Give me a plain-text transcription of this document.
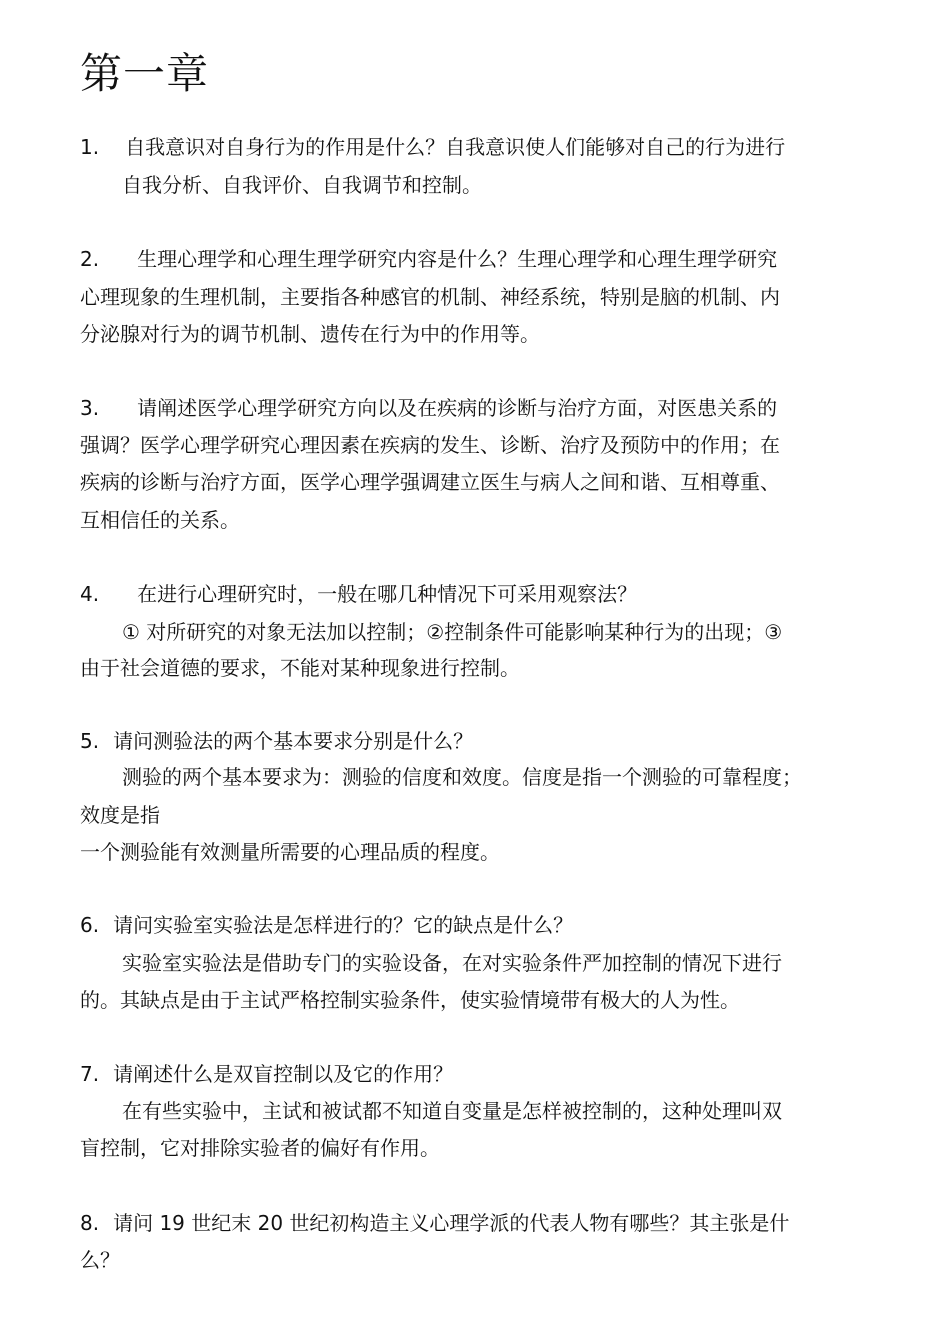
第一章
1. 自我意识对自身行为的作用是什么？自我意识使人们能够对自己的行为进行
自我分析、自我评价、自我调节和控制。
2. 生理心理学和心理生理学研究内容是什么？生理心理学和心理生理学研究
心理现象的生理机制，主要指各种感官的机制、神经系统，特别是脑的机制、内
分泌腺对行为的调节机制、遗传在行为中的作用等。
3. 请阐述医学心理学研究方向以及在疾病的诊断与治疗方面，对医患关系的
强调？医学心理学研究心理因素在疾病的发生、诊断、治疗及预防中的作用；在
疾病的诊断与治疗方面，医学心理学强调建立医生与病人之间和谐、互相尊重、
互相信任的关系。
4. 在进行心理研究时，一般在哪几种情况下可采用观察法？
① 对所研究的对象无法加以控制；②控制条件可能影响某种行为的出现；③
由于社会道德的要求，不能对某种现象进行控制。
5. 请问测验法的两个基本要求分别是什么？
测验的两个基本要求为：测验的信度和效度。信度是指一个测验的可靠程度；
效度是指
一个测验能有效测量所需要的心理品质的程度。
6. 请问实验室实验法是怎样进行的？它的缺点是什么？
实验室实验法是借助专门的实验设备，在对实验条件严加控制的情况下进行
的。其缺点是由于主试严格控制实验条件，使实验情境带有极大的人为性。
7. 请阐述什么是双盲控制以及它的作用？
在有些实验中，主试和被试都不知道自变量是怎样被控制的，这种处理叫双
盲控制，它对排除实验者的偏好有作用。
8. 请问 19 世纪末 20 世纪初构造主义心理学派的代表人物有哪些？其主张是什
么？
